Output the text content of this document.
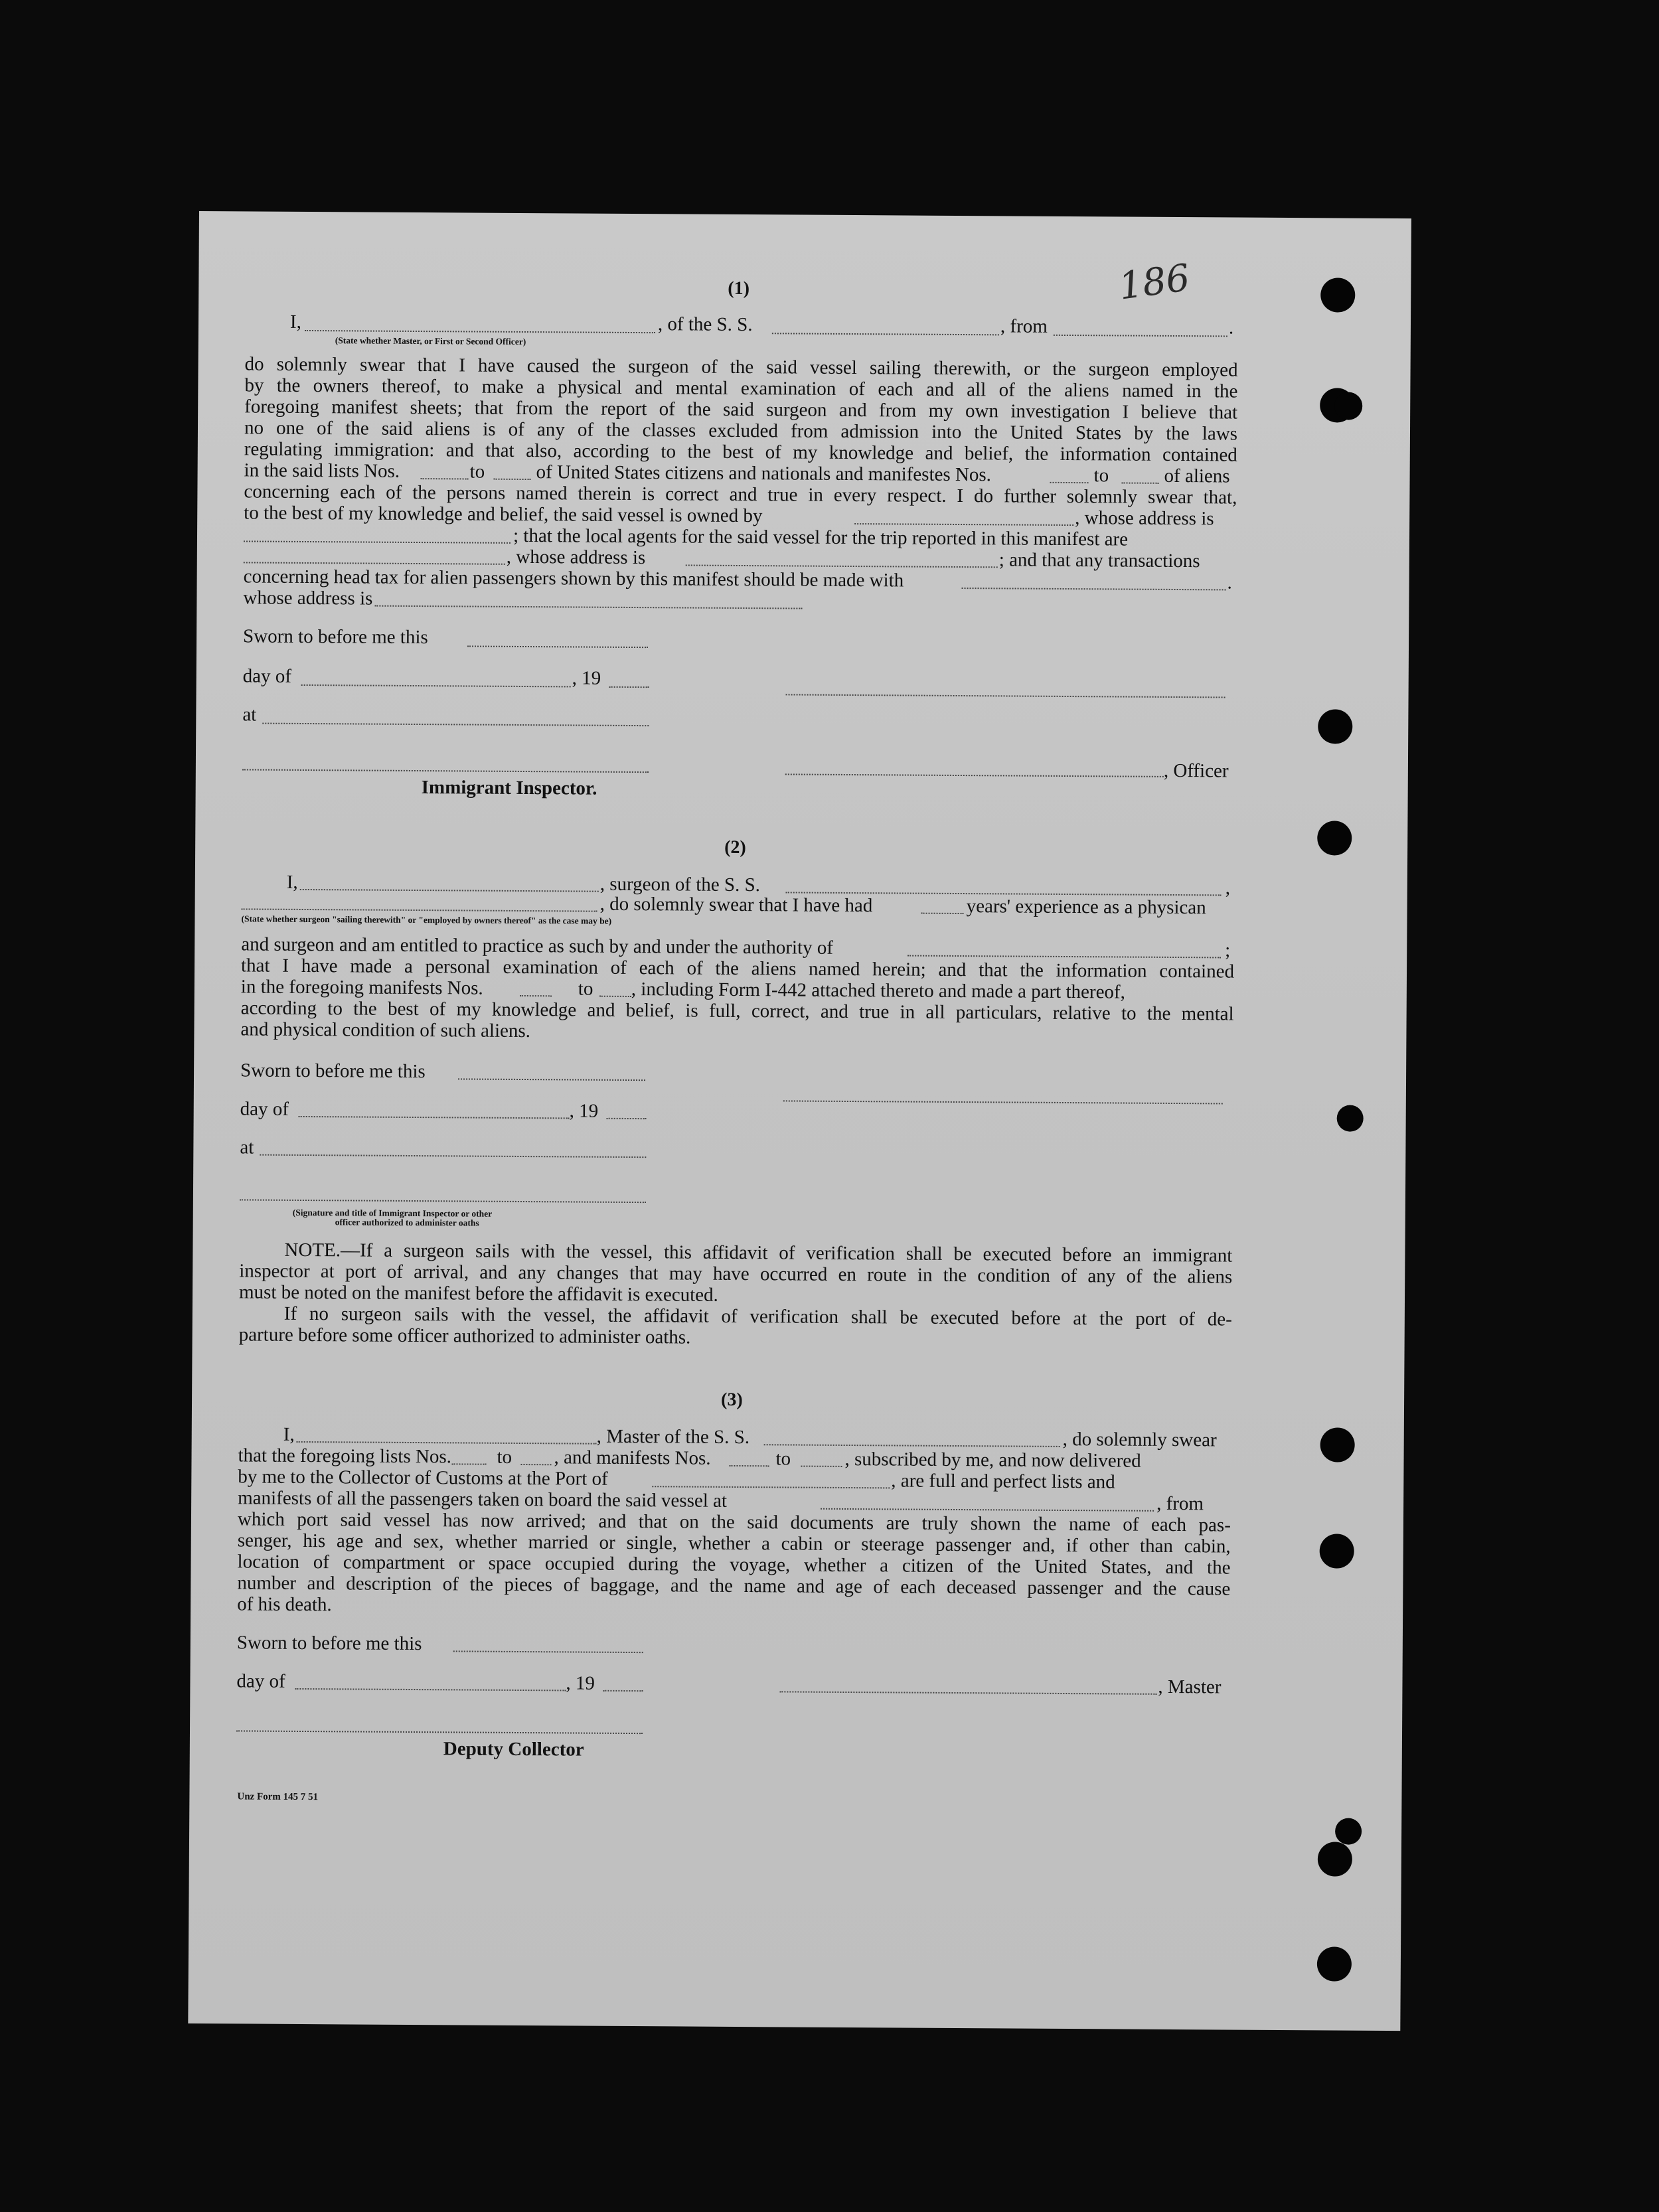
186
(1)
I,	, of the S. S.	, from	.
(State whether Master, or First or Second Officer)
do solemnly swear that I have caused the surgeon of the said vessel sailing therewith, or the surgeon employed
by the owners thereof, to make a physical and mental examination of each and all of the aliens named in the
foregoing manifest sheets; that from the report of the said surgeon and from my own investigation I believe that
no one of the said aliens is of any of the classes excluded from admission into the United States by the laws
regulating immigration: and that also, according to the best of my knowledge and belief, the information contained
in the said lists Nos.	to	of United States citizens and nationals and manifestes Nos.	to	of aliens
concerning each of the persons named therein is correct and true in every respect. I do further solemnly swear that,
to the best of my knowledge and belief, the said vessel is owned by	, whose address is
; that the local agents for the said vessel for the trip reported in this manifest are
, whose address is	; and that any transactions
concerning head tax for alien passengers shown by this manifest should be made with	.
whose address is
Sworn to before me this
day of	, 19
at
, Officer
Immigrant Inspector.
(2)
I,	, surgeon of the S. S.	,
, do solemnly swear that I have had	years' experience as a physican
(State whether surgeon "sailing therewith" or "employed by owners thereof" as the case may be)
and surgeon and am entitled to practice as such by and under the authority of	;
that I have made a personal examination of each of the aliens named herein; and that the information contained
in the foregoing manifests Nos.	to , including Form I-442 attached thereto and made a part thereof,
according to the best of my knowledge and belief, is full, correct, and true in all particulars, relative to the mental
and physical condition of such aliens.
Sworn to before me this
day of	, 19
at
(Signature and title of Immigrant Inspector or other
officer authorized to administer oaths
NOTE.—If a surgeon sails with the vessel, this affidavit of verification shall be executed before an immigrant
inspector at port of arrival, and any changes that may have occurred en route in the condition of any of the aliens
must be noted on the manifest before the affidavit is executed.
If no surgeon sails with the vessel, the affidavit of verification shall be executed before at the port of de-
parture before some officer authorized to administer oaths.
(3)
I,	, Master of the S. S.	, do solemnly swear
that the foregoing lists Nos. to , and manifests Nos.	to	, subscribed by me, and now delivered
by me to the Collector of Customs at the Port of	, are full and perfect lists and
manifests of all the passengers taken on board the said vessel at	, from
which port said vessel has now arrived; and that on the said documents are truly shown the name of each pas-
senger, his age and sex, whether married or single, whether a cabin or steerage passenger and, if other than cabin,
location of compartment or space occupied during the voyage, whether a citizen of the United States, and the
number and description of the pieces of baggage, and the name and age of each deceased passenger and the cause
of his death.
Sworn to before me this
day of	, 19	, Master
Deputy Collector
Unz Form 145 7 51
